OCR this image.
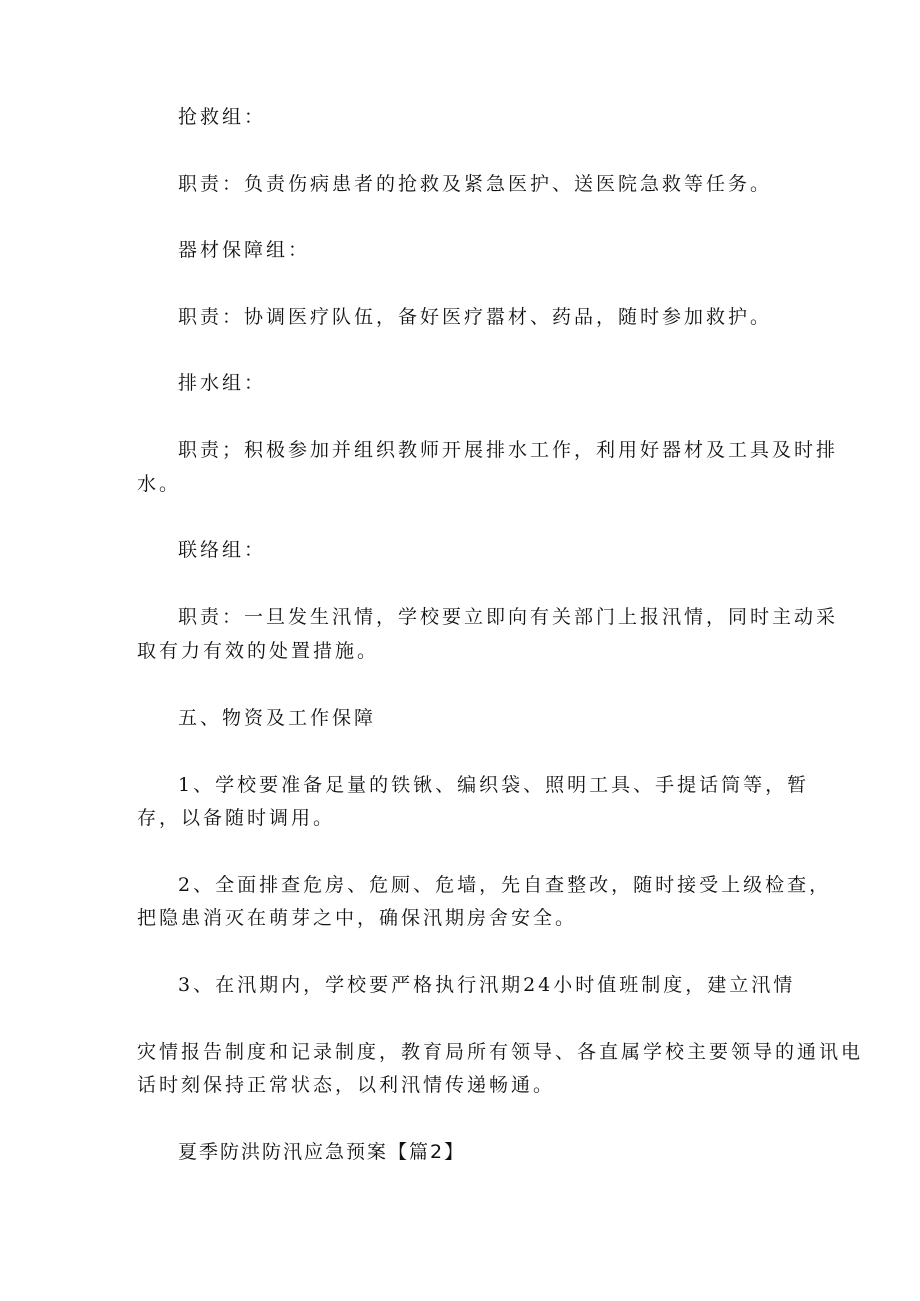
抢救组：
职责：负责伤病患者的抢救及紧急医护、送医院急救等任务。
器材保障组：
职责：协调医疗队伍，备好医疗嚣材、药品，随时参加救护。
排水组：
职责；积极参加并组织教师开展排水工作，利用好器材及工具及时排
水。
联络组：
职责：一旦发生汛情，学校要立即向有关部门上报汛情，同时主动采
取有力有效的处置措施。
五、物资及工作保障
1、学校要准备足量的铁锹、编织袋、照明工具、手提话筒等，暂
存，以备随时调用。
2、全面排查危房、危厕、危墙，先自查整改，随时接受上级检查，
把隐患消灭在萌芽之中，确保汛期房舍安全。
3、在汛期内，学校要严格执行汛期24小时值班制度，建立汛情
灾情报告制度和记录制度，教育局所有领导、各直属学校主要领导的通讯电
话时刻保持正常状态，以利汛情传递畅通。
夏季防洪防汛应急预案【篇2】
